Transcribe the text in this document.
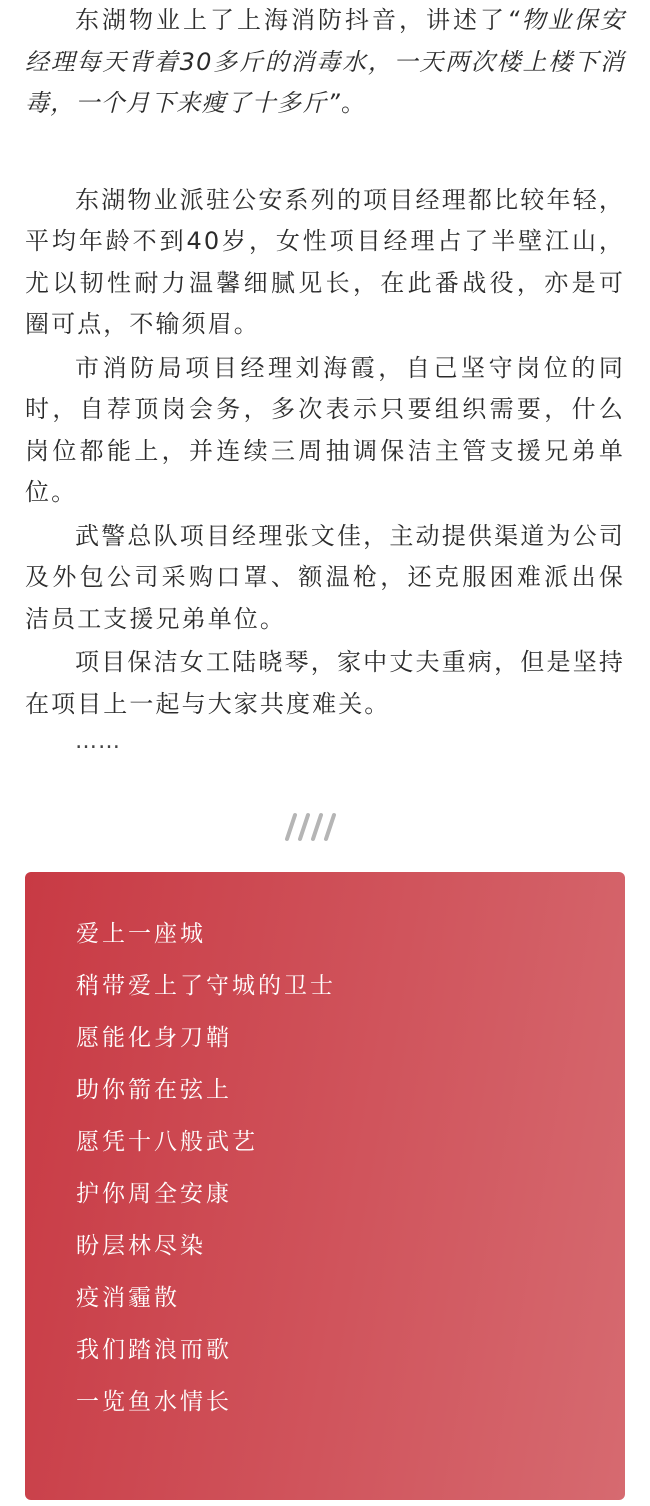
东湖物业上了上海消防抖音，讲述了“物业保安经理每天背着30多斤的消毒水，一天两次楼上楼下消毒，一个月下来瘦了十多斤”。

东湖物业派驻公安系列的项目经理都比较年轻，平均年龄不到40岁，女性项目经理占了半壁江山，尤以韧性耐力温馨细腻见长，在此番战役，亦是可圈可点，不输须眉。

市消防局项目经理刘海霞，自己坚守岗位的同时，自荐顶岗会务，多次表示只要组织需要，什么岗位都能上，并连续三周抽调保洁主管支援兄弟单位。

武警总队项目经理张文佳，主动提供渠道为公司及外包公司采购口罩、额温枪，还克服困难派出保洁员工支援兄弟单位。

项目保洁女工陆晓琴，家中丈夫重病，但是坚持在项目上一起与大家共度难关。

……

爱上一座城
稍带爱上了守城的卫士
愿能化身刀鞘
助你箭在弦上
愿凭十八般武艺
护你周全安康
盼层林尽染
疫消霾散
我们踏浪而歌
一览鱼水情长
